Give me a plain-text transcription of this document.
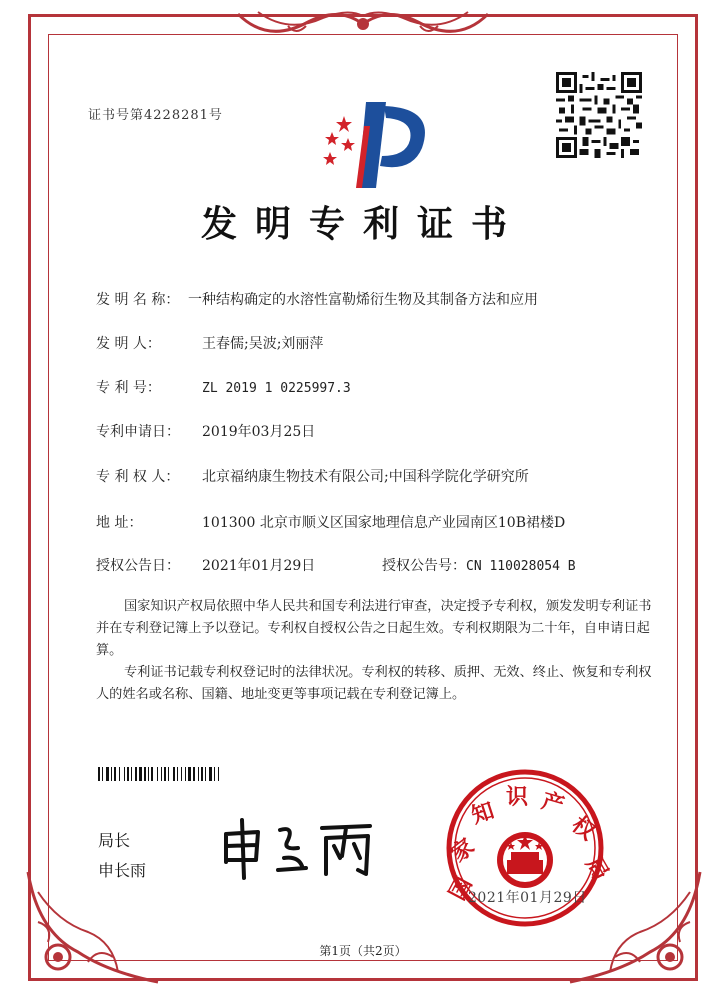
证书号第4228281号
发明专利证书
发 明 名 称： 一种结构确定的水溶性富勒烯衍生物及其制备方法和应用
发 明 人：	王春儒;吴波;刘丽萍
专 利 号：	ZL 2019 1 0225997.3
专利申请日： 2019年03月25日
专 利 权 人： 北京福纳康生物技术有限公司;中国科学院化学研究所
地 址：	101300 北京市顺义区国家地理信息产业园南区10B裙楼D
授权公告日： 2021年01月29日	授权公告号：CN 110028054 B

国家知识产权局依照中华人民共和国专利法进行审查，决定授予专利权，颁发发明专利证书并在专利登记簿上予以登记。专利权自授权公告之日起生效。专利权期限为二十年，自申请日起算。

专利证书记载专利权登记时的法律状况。专利权的转移、质押、无效、终止、恢复和专利权人的姓名或名称、国籍、地址变更等事项记载在专利登记簿上。

局长
申长雨
国
家
知
识 产
权
局
2021年01月29日
第1页（共2页）
